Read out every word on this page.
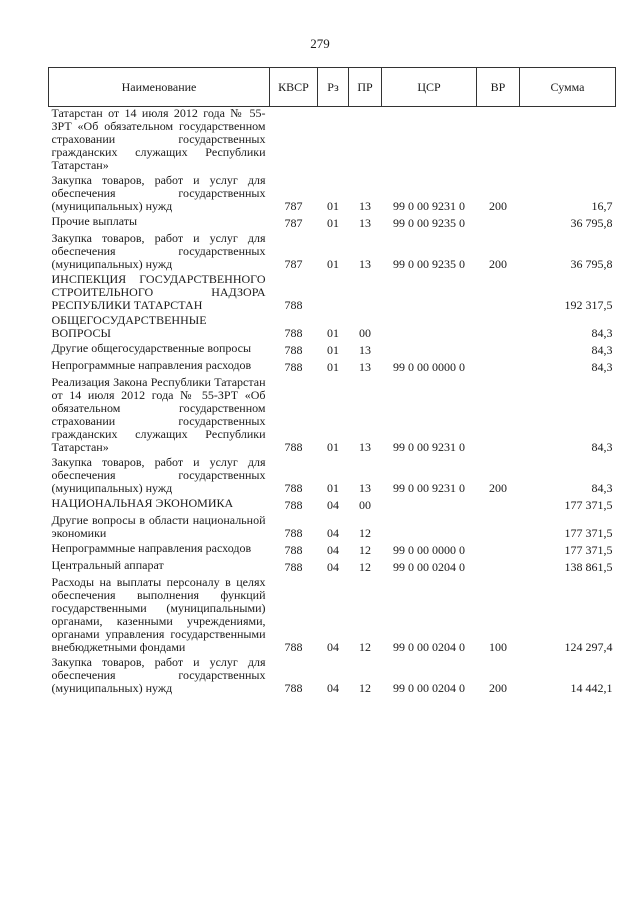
279
Наименование	КВСР	Рз	ПР	ЦСР	ВР	Сумма
Татарстан от 14 июля 2012 года № 55-ЗРТ «Об обязательном государственном страховании государственных гражданских служащих Республики Татарстан»						
Закупка товаров, работ и услуг для обеспечения государственных (муниципальных) нужд	787	01	13	99 0 00 9231 0	200	16,7
Прочие выплаты	787	01	13	99 0 00 9235 0		36 795,8
Закупка товаров, работ и услуг для обеспечения государственных (муниципальных) нужд	787	01	13	99 0 00 9235 0	200	36 795,8
ИНСПЕКЦИЯ ГОСУДАРСТВЕННОГО СТРОИТЕЛЬНОГО НАДЗОРА РЕСПУБЛИКИ ТАТАРСТАН	788					192 317,5
ОБЩЕГОСУДАРСТВЕННЫЕ ВОПРОСЫ	788	01	00			84,3
Другие общегосударственные вопросы	788	01	13			84,3
Непрограммные направления расходов	788	01	13	99 0 00 0000 0		84,3
Реализация Закона Республики Татарстан от 14 июля 2012 года № 55-ЗРТ «Об обязательном государственном страховании государственных гражданских служащих Республики Татарстан»	788	01	13	99 0 00 9231 0		84,3
Закупка товаров, работ и услуг для обеспечения государственных (муниципальных) нужд	788	01	13	99 0 00 9231 0	200	84,3
НАЦИОНАЛЬНАЯ ЭКОНОМИКА	788	04	00			177 371,5
Другие вопросы в области национальной экономики	788	04	12			177 371,5
Непрограммные направления расходов	788	04	12	99 0 00 0000 0		177 371,5
Центральный аппарат	788	04	12	99 0 00 0204 0		138 861,5
Расходы на выплаты персоналу в целях обеспечения выполнения функций государственными (муниципальными) органами, казенными учреждениями, органами управления государственными внебюджетными фондами	788	04	12	99 0 00 0204 0	100	124 297,4
Закупка товаров, работ и услуг для обеспечения государственных (муниципальных) нужд	788	04	12	99 0 00 0204 0	200	14 442,1
